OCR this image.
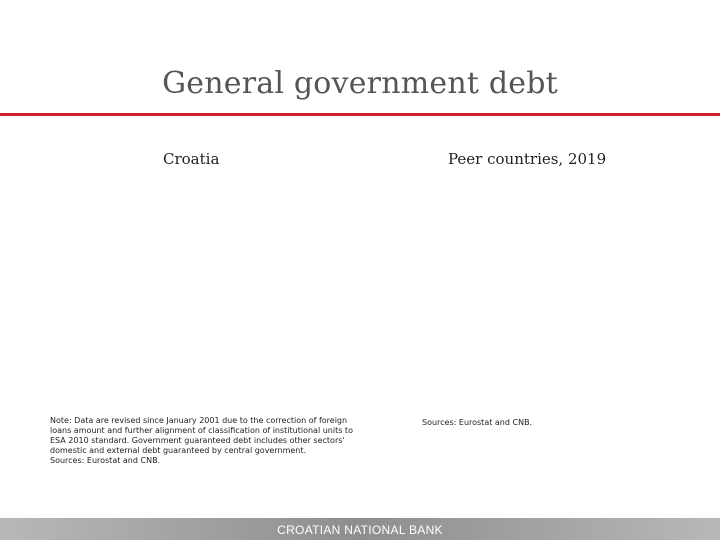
General government debt
Croatia	Peer countries, 2019

Note: Data are revised since January 2001 due to the correction of foreign loans amount and further alignment of classification of institutional units to ESA 2010 standard. Government guaranteed debt includes other sectors' domestic and external debt guaranteed by central government.

Sources: Eurostat and CNB.

Sources: Eurostat and CNB.
CROATIAN NATIONAL BANK
